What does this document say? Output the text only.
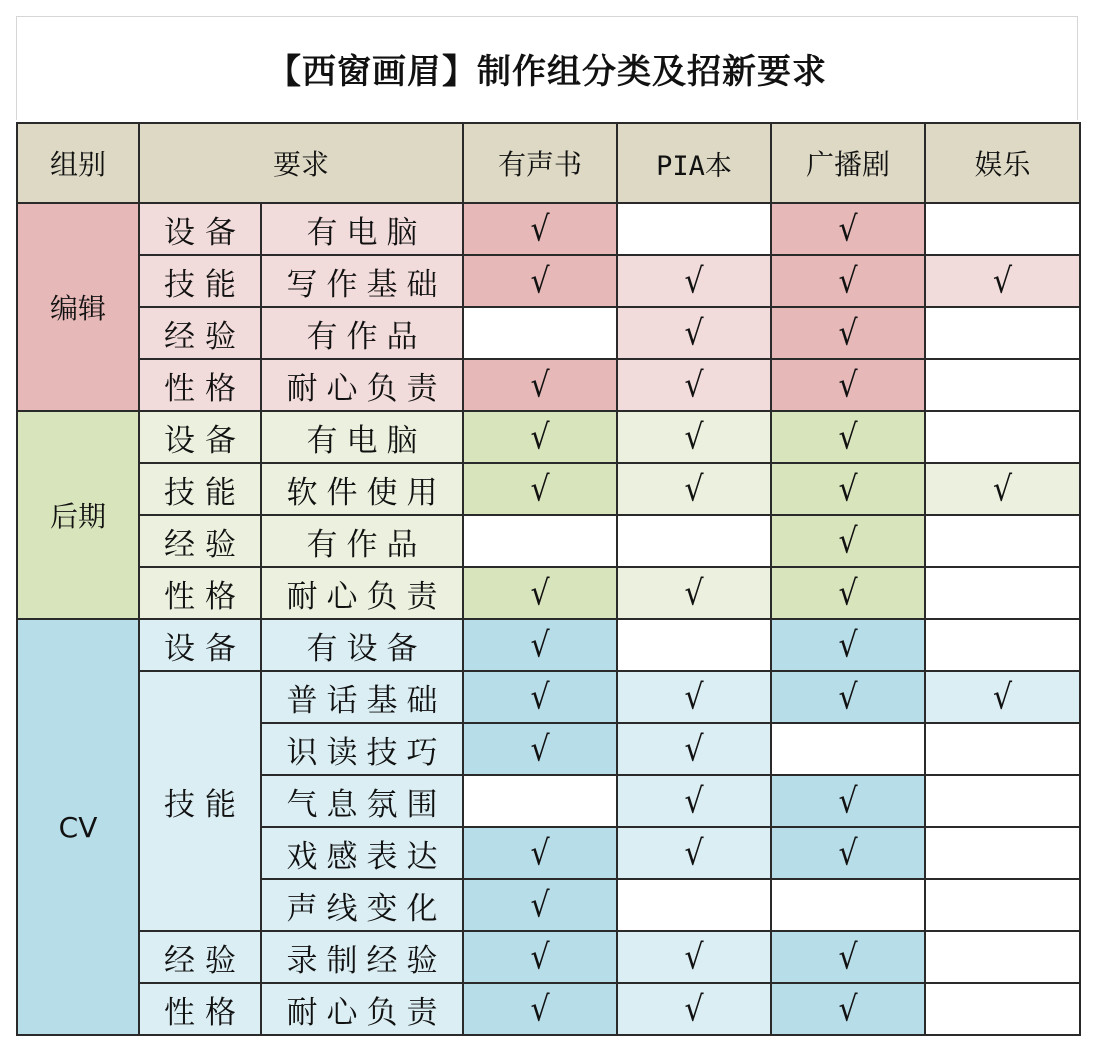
【西窗画眉】制作组分类及招新要求
组别	要求		有声书	PIA本	广播剧	娱乐
编辑	设备	有电脑	√		√	
	技能	写作基础	√	√	√	√
	经验	有作品		√	√	
	性格	耐心负责	√	√	√	
后期	设备	有电脑	√	√	√	
	技能	软件使用	√	√	√	√
	经验	有作品			√	
	性格	耐心负责	√	√	√	
CV	设备	有设备	√		√	
	技能	普话基础	√	√	√	√
		识读技巧	√	√		
		气息氛围		√	√	
		戏感表达	√	√	√	
		声线变化	√			
	经验	录制经验	√	√	√	
	性格	耐心负责	√	√	√	
